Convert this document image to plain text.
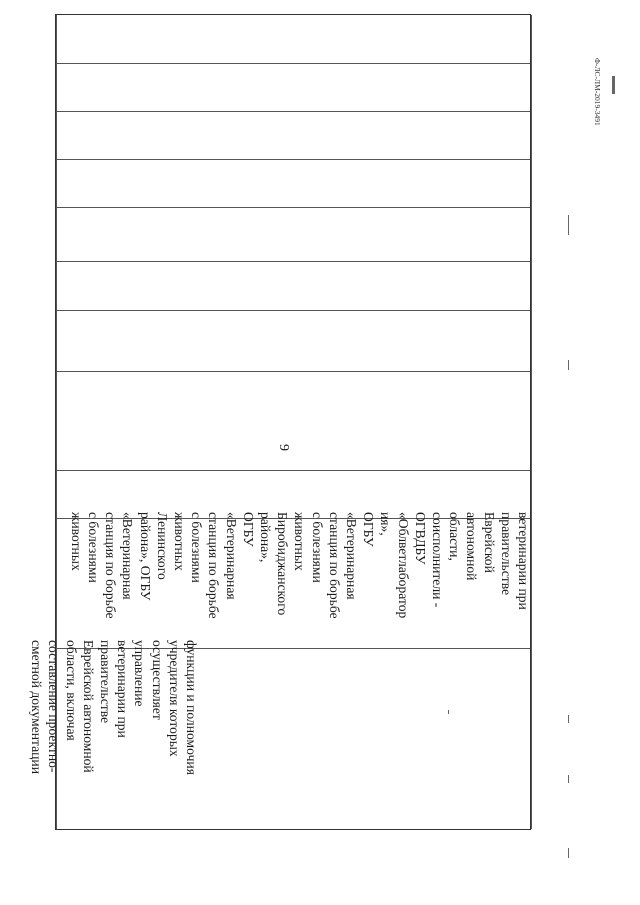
функции и полномочия
учредителя которых
осуществляет
управление
ветеринарии при
правительстве
Еврейской автономной
области, включая
составление проектно-
сметной документации
ветеринарии при
правительстве
Еврейской
автономной
области,
соисполнители -
ОГВДБУ
«Облветлаборатор
ия»,
ОГБУ
«Ветеринарная
станция по борьбе
с болезнями
животных
Биробиджанского
района»,
ОГБУ
«Ветеринарная
станция по борьбе
с болезнями
животных
Ленинского
района», ОГБУ
«Ветеринарная
станция по борьбе
с болезнями
животных
9
Ф-ЛС-ЛМ-2019-3491
